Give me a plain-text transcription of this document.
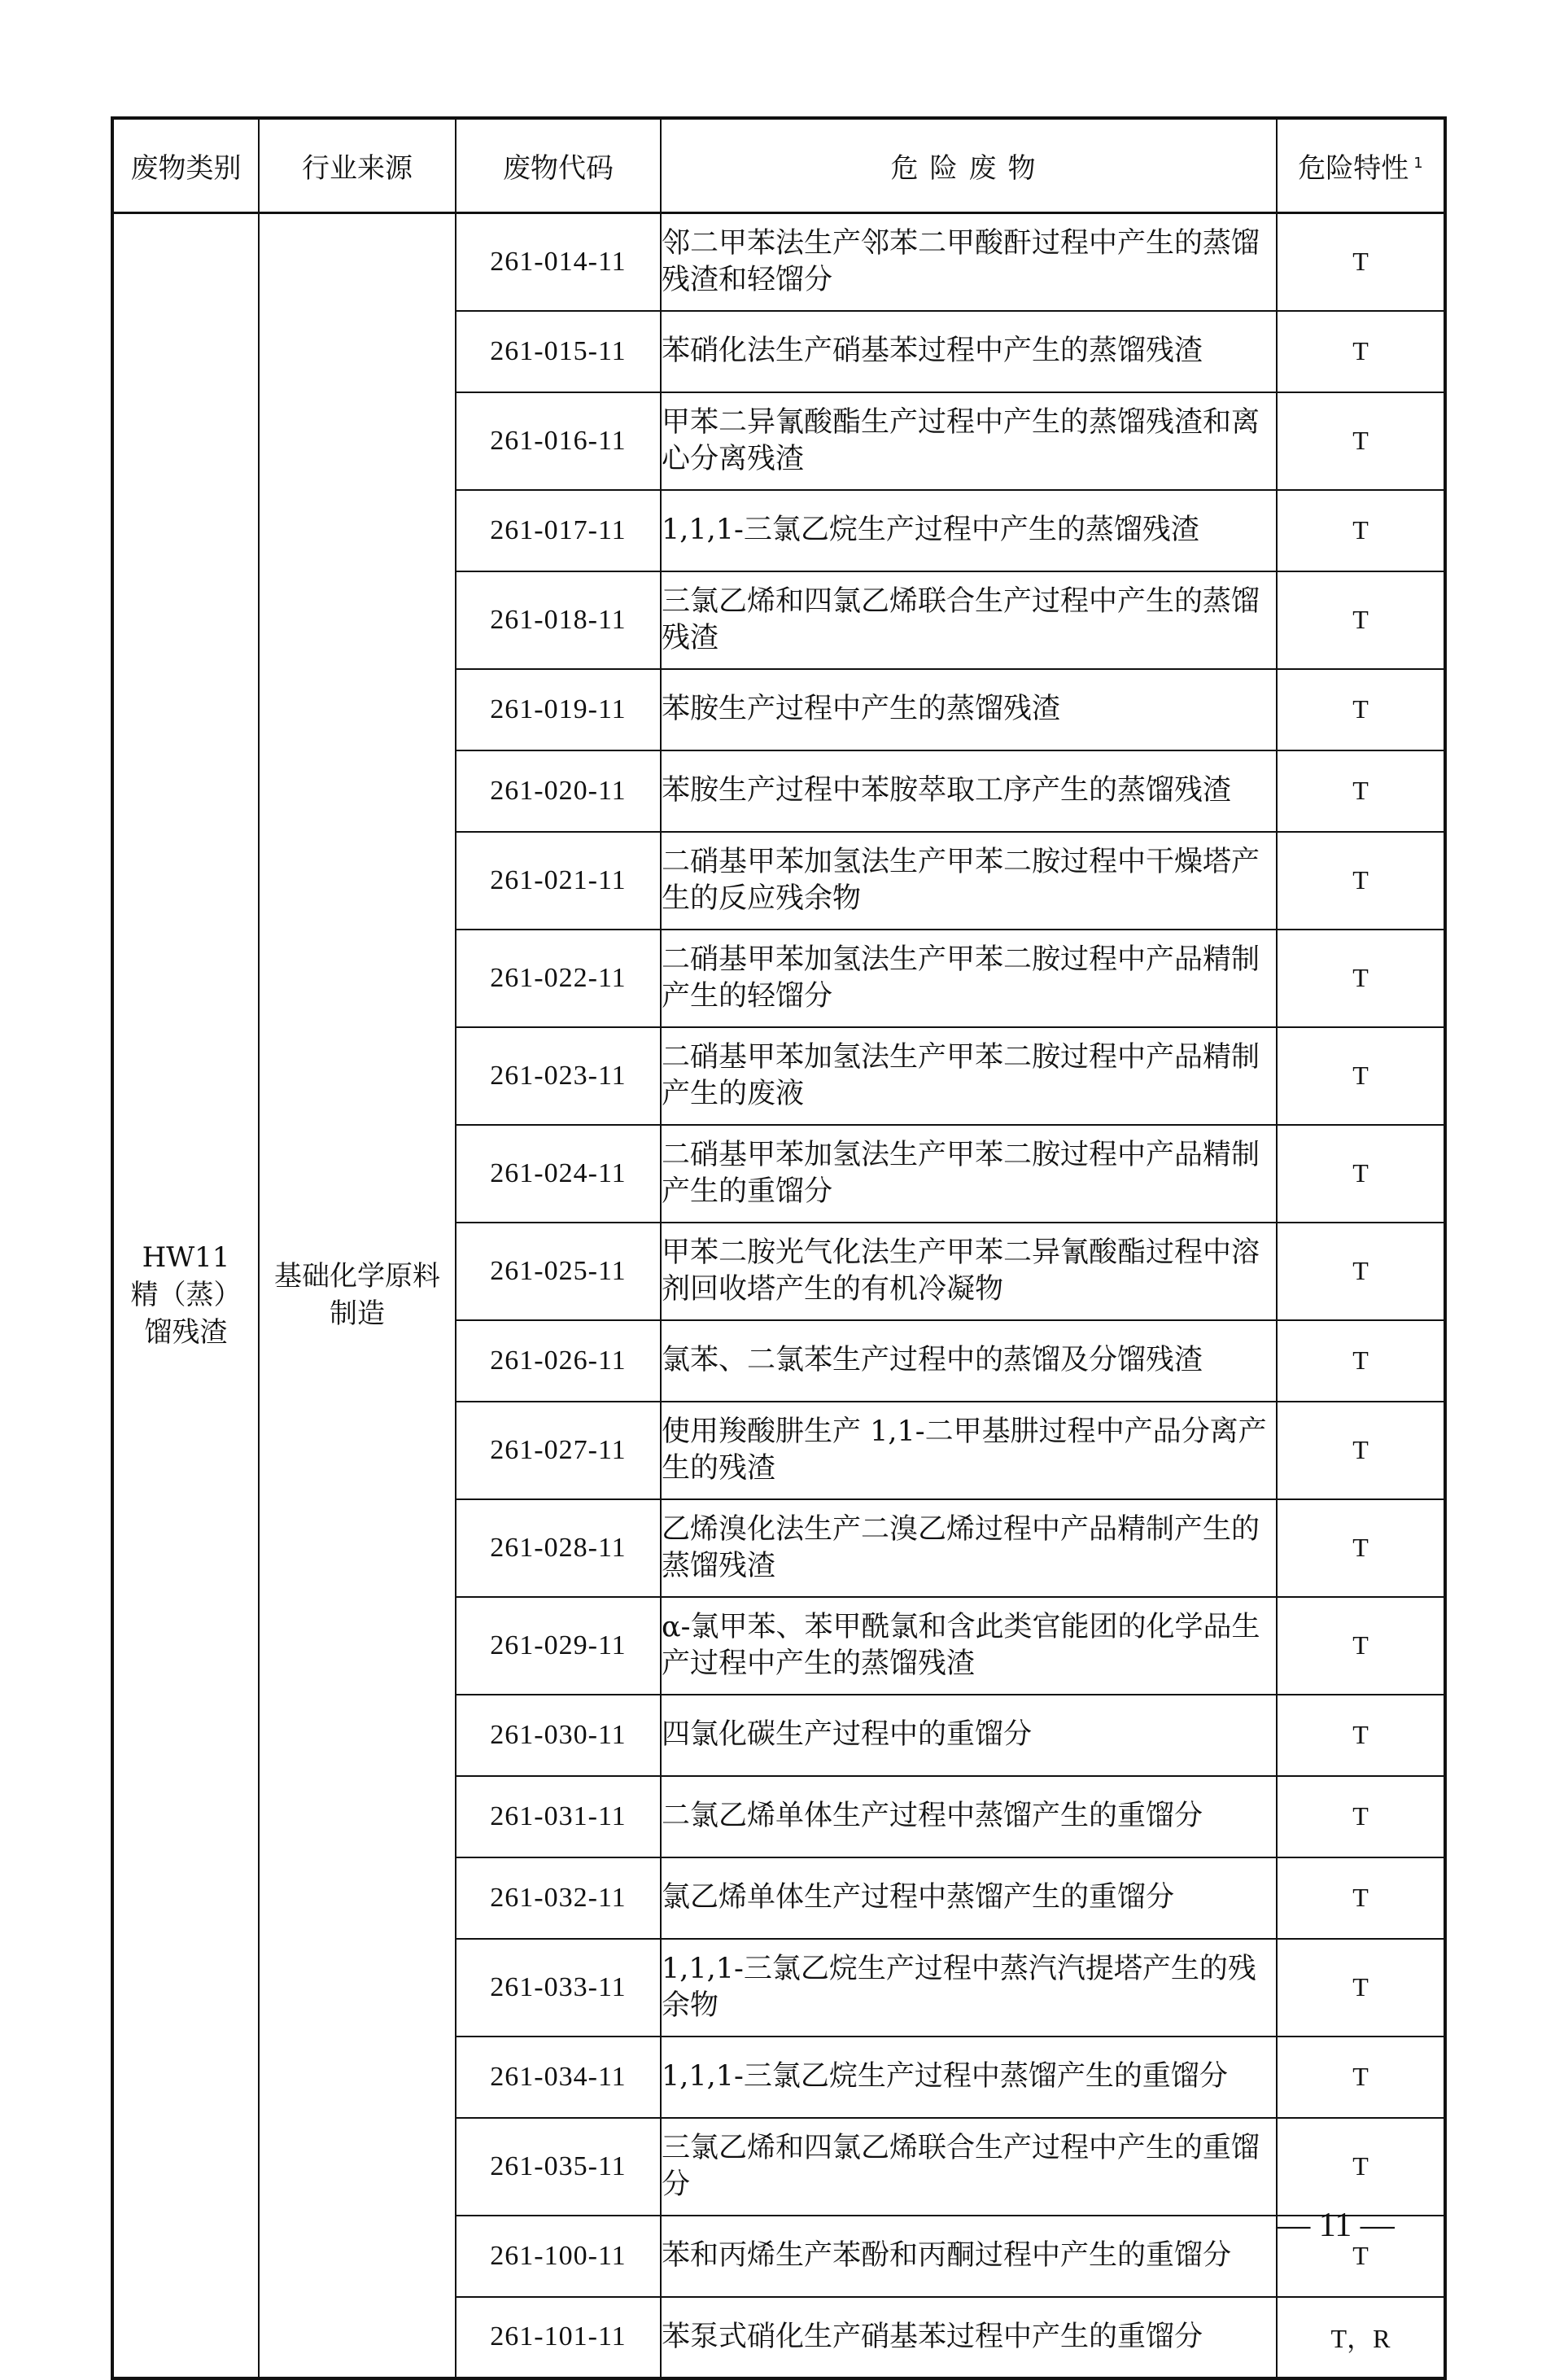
废物类别	行业来源	废物代码	危险废物	危险特性 $^1$

HW11
精（蒸）
馏残渣	基础化学原料
制造	261-014-11	邻二甲苯法生产邻苯二甲酸酐过程中产生的蒸馏残渣和轻馏分	T
		261-015-11	苯硝化法生产硝基苯过程中产生的蒸馏残渣	T
		261-016-11	甲苯二异氰酸酯生产过程中产生的蒸馏残渣和离心分离残渣	T
		261-017-11	1,1,1-三氯乙烷生产过程中产生的蒸馏残渣	T
		261-018-11	三氯乙烯和四氯乙烯联合生产过程中产生的蒸馏残渣	T
		261-019-11	苯胺生产过程中产生的蒸馏残渣	T
		261-020-11	苯胺生产过程中苯胺萃取工序产生的蒸馏残渣	T
		261-021-11	二硝基甲苯加氢法生产甲苯二胺过程中干燥塔产生的反应残余物	T
		261-022-11	二硝基甲苯加氢法生产甲苯二胺过程中产品精制产生的轻馏分	T
		261-023-11	二硝基甲苯加氢法生产甲苯二胺过程中产品精制产生的废液	T
		261-024-11	二硝基甲苯加氢法生产甲苯二胺过程中产品精制产生的重馏分	T
		261-025-11	甲苯二胺光气化法生产甲苯二异氰酸酯过程中溶剂回收塔产生的有机冷凝物	T
		261-026-11	氯苯、二氯苯生产过程中的蒸馏及分馏残渣	T
		261-027-11	使用羧酸肼生产 1,1-二甲基肼过程中产品分离产生的残渣	T
		261-028-11	乙烯溴化法生产二溴乙烯过程中产品精制产生的蒸馏残渣	T
		261-029-11	α-氯甲苯、苯甲酰氯和含此类官能团的化学品生产过程中产生的蒸馏残渣	T
		261-030-11	四氯化碳生产过程中的重馏分	T
		261-031-11	二氯乙烯单体生产过程中蒸馏产生的重馏分	T
		261-032-11	氯乙烯单体生产过程中蒸馏产生的重馏分	T
		261-033-11	1,1,1-三氯乙烷生产过程中蒸汽汽提塔产生的残余物	T
		261-034-11	1,1,1-三氯乙烷生产过程中蒸馏产生的重馏分	T
		261-035-11	三氯乙烯和四氯乙烯联合生产过程中产生的重馏分	T
		261-100-11	苯和丙烯生产苯酚和丙酮过程中产生的重馏分	T
		261-101-11	苯泵式硝化生产硝基苯过程中产生的重馏分	T，R
— 11 —
